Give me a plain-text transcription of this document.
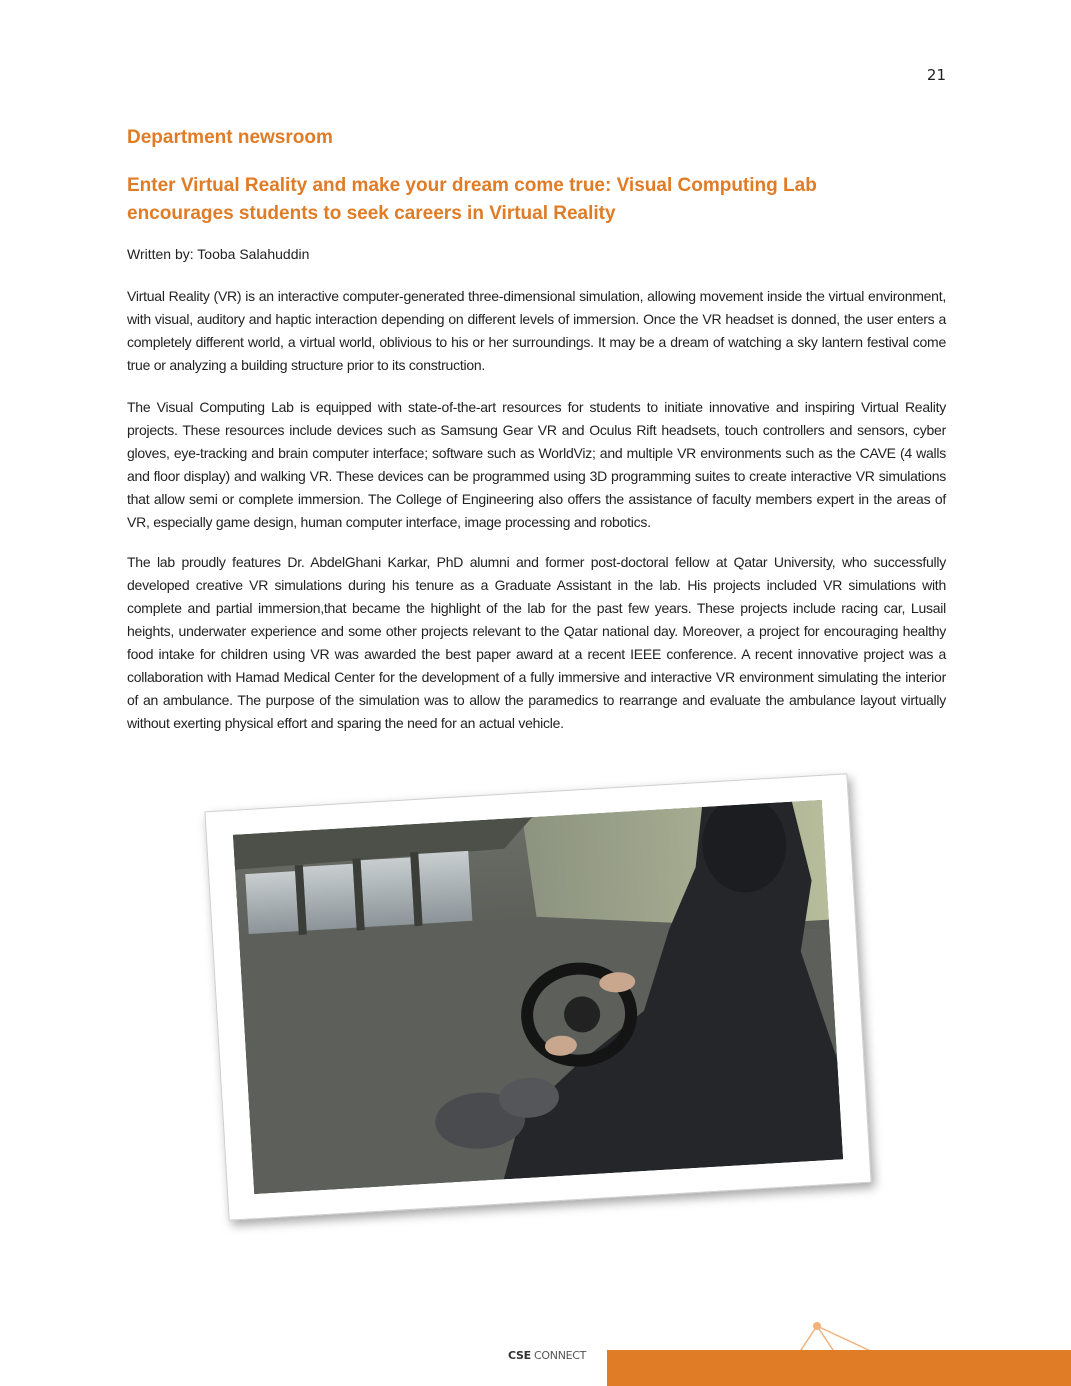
21
Department newsroom
Enter Virtual Reality and make your dream come true: Visual Computing Lab encourages students to seek careers in Virtual Reality

Written by: Tooba Salahuddin

Virtual Reality (VR) is an interactive computer-generated three-dimensional simulation, allowing movement inside the virtual environment, with visual, auditory and haptic interaction depending on different levels of immersion. Once the VR headset is donned, the user enters a completely different world, a virtual world, oblivious to his or her surroundings. It may be a dream of watching a sky lantern festival come true or analyzing a building structure prior to its construction.

The Visual Computing Lab is equipped with state-of-the-art resources for students to initiate innovative and inspiring Virtual Reality projects. These resources include devices such as Samsung Gear VR and Oculus Rift headsets, touch controllers and sensors, cyber gloves, eye-tracking and brain computer interface; software such as WorldViz; and multiple VR environments such as the CAVE (4 walls and floor display) and walking VR. These devices can be programmed using 3D programming suites to create interactive VR simulations that allow semi or complete immersion. The College of Engineering also offers the assistance of faculty members expert in the areas of VR, especially game design, human computer interface, image processing and robotics.

The lab proudly features Dr. AbdelGhani Karkar, PhD alumni and former post-doctoral fellow at Qatar University, who successfully developed creative VR simulations during his tenure as a Graduate Assistant in the lab. His projects included VR simulations with complete and partial immersion,that became the highlight of the lab for the past few years. These projects include racing car, Lusail heights, underwater experience and some other projects relevant to the Qatar national day. Moreover, a project for encouraging healthy food intake for children using VR was awarded the best paper award at a recent IEEE conference. A recent innovative project was a collaboration with Hamad Medical Center for the development of a fully immersive and interactive VR environment simulating the interior of an ambulance. The purpose of the simulation was to allow the paramedics to rearrange and evaluate the ambulance layout virtually without exerting physical effort and sparing the need for an actual vehicle.

CSE CONNECT
